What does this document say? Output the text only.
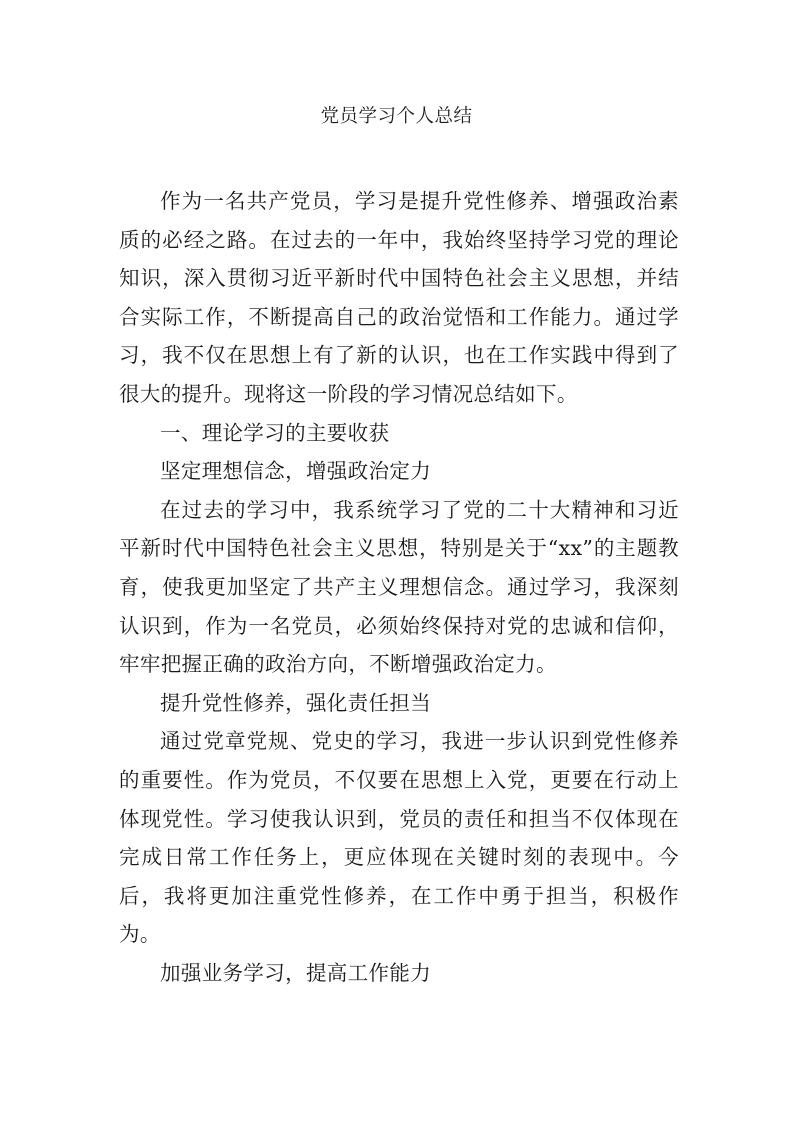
党员学习个人总结

作为一名共产党员，学习是提升党性修养、增强政治素质的必经之路。在过去的一年中，我始终坚持学习党的理论知识，深入贯彻习近平新时代中国特色社会主义思想，并结合实际工作，不断提高自己的政治觉悟和工作能力。通过学习，我不仅在思想上有了新的认识，也在工作实践中得到了很大的提升。现将这一阶段的学习情况总结如下。

一、理论学习的主要收获

坚定理想信念，增强政治定力

在过去的学习中，我系统学习了党的二十大精神和习近平新时代中国特色社会主义思想，特别是关于“xx”的主题教育，使我更加坚定了共产主义理想信念。通过学习，我深刻认识到，作为一名党员，必须始终保持对党的忠诚和信仰，牢牢把握正确的政治方向，不断增强政治定力。

提升党性修养，强化责任担当

通过党章党规、党史的学习，我进一步认识到党性修养的重要性。作为党员，不仅要在思想上入党，更要在行动上体现党性。学习使我认识到，党员的责任和担当不仅体现在完成日常工作任务上，更应体现在关键时刻的表现中。今后，我将更加注重党性修养，在工作中勇于担当，积极作为。

加强业务学习，提高工作能力
